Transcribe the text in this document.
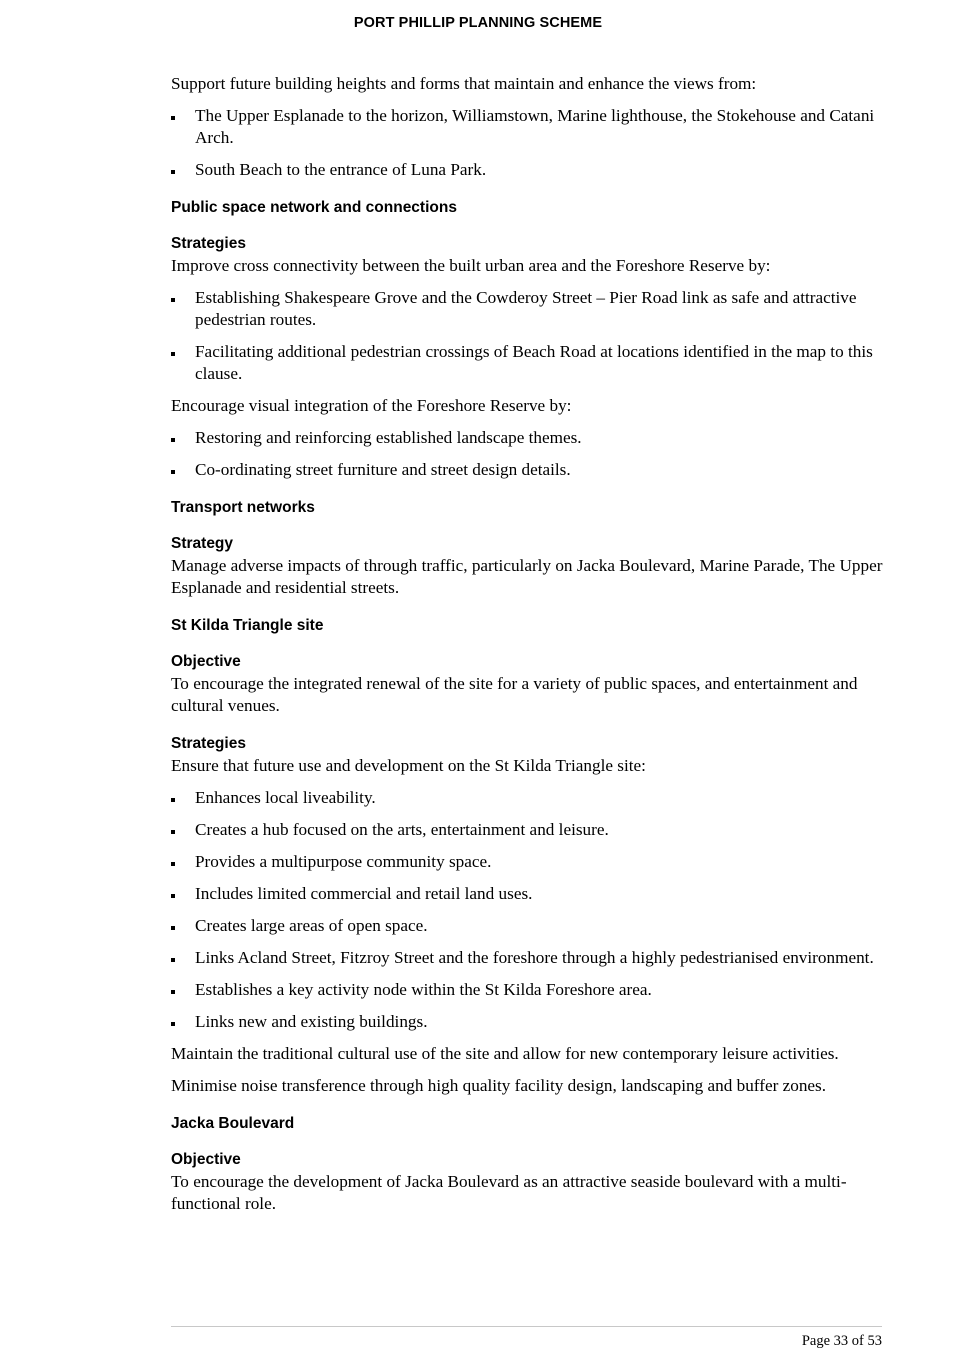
PORT PHILLIP PLANNING SCHEME

Support future building heights and forms that maintain and enhance the views from:

The Upper Esplanade to the horizon, Williamstown, Marine lighthouse, the Stokehouse and Catani Arch.
South Beach to the entrance of Luna Park.
Public space network and connections
Strategies

Improve cross connectivity between the built urban area and the Foreshore Reserve by:

Establishing Shakespeare Grove and the Cowderoy Street – Pier Road link as safe and attractive pedestrian routes.
Facilitating additional pedestrian crossings of Beach Road at locations identified in the map to this clause.

Encourage visual integration of the Foreshore Reserve by:

Restoring and reinforcing established landscape themes.
Co-ordinating street furniture and street design details.
Transport networks
Strategy

Manage adverse impacts of through traffic, particularly on Jacka Boulevard, Marine Parade, The Upper Esplanade and residential streets.

St Kilda Triangle site
Objective

To encourage the integrated renewal of the site for a variety of public spaces, and entertainment and cultural venues.

Strategies

Ensure that future use and development on the St Kilda Triangle site:

Enhances local liveability.
Creates a hub focused on the arts, entertainment and leisure.
Provides a multipurpose community space.
Includes limited commercial and retail land uses.
Creates large areas of open space.
Links Acland Street, Fitzroy Street and the foreshore through a highly pedestrianised environment.
Establishes a key activity node within the St Kilda Foreshore area.
Links new and existing buildings.

Maintain the traditional cultural use of the site and allow for new contemporary leisure activities.

Minimise noise transference through high quality facility design, landscaping and buffer zones.

Jacka Boulevard
Objective

To encourage the development of Jacka Boulevard as an attractive seaside boulevard with a multi-functional role.

Page 33 of 53
